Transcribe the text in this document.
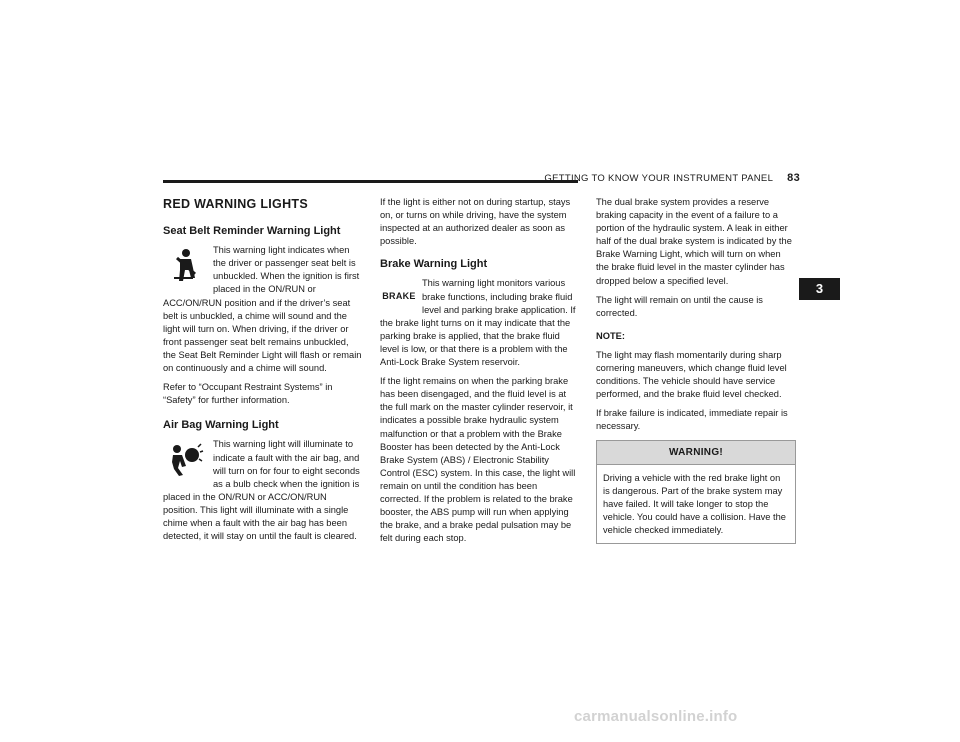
GETTING TO KNOW YOUR INSTRUMENT PANEL 83
3
RED WARNING LIGHTS
Seat Belt Reminder Warning Light

This warning light indicates when the driver or passenger seat belt is unbuckled. When the ignition is first placed in the ON/RUN or ACC/ON/RUN position and if the driver’s seat belt is unbuckled, a chime will sound and the light will turn on. When driving, if the driver or front passenger seat belt remains unbuckled, the Seat Belt Reminder Light will flash or remain on continuously and a chime will sound.

Refer to “Occupant Restraint Systems” in “Safety” for further information.

Air Bag Warning Light

This warning light will illuminate to indicate a fault with the air bag, and will turn on for four to eight seconds as a bulb check when the ignition is placed in the ON/RUN or ACC/ON/RUN position. This light will illuminate with a single chime when a fault with the air bag has been detected, it will stay on until the fault is cleared.

If the light is either not on during startup, stays on, or turns on while driving, have the system inspected at an authorized dealer as soon as possible.

Brake Warning Light
BRAKE

This warning light monitors various brake functions, including brake fluid level and parking brake application. If the brake light turns on it may indicate that the parking brake is applied, that the brake fluid level is low, or that there is a problem with the Anti-Lock Brake System reservoir.

If the light remains on when the parking brake has been disengaged, and the fluid level is at the full mark on the master cylinder reservoir, it indicates a possible brake hydraulic system malfunction or that a problem with the Brake Booster has been detected by the Anti-Lock Brake System (ABS) / Electronic Stability Control (ESC) system. In this case, the light will remain on until the condition has been corrected. If the problem is related to the brake booster, the ABS pump will run when applying the brake, and a brake pedal pulsation may be felt during each stop.

The dual brake system provides a reserve braking capacity in the event of a failure to a portion of the hydraulic system. A leak in either half of the dual brake system is indicated by the Brake Warning Light, which will turn on when the brake fluid level in the master cylinder has dropped below a specified level.

The light will remain on until the cause is corrected.

NOTE:

The light may flash momentarily during sharp cornering maneuvers, which change fluid level conditions. The vehicle should have service performed, and the brake fluid level checked.

If brake failure is indicated, immediate repair is necessary.

WARNING!
Driving a vehicle with the red brake light on is dangerous. Part of the brake system may have failed. It will take longer to stop the vehicle. You could have a collision. Have the vehicle checked immediately.
carmanualsonline.info
